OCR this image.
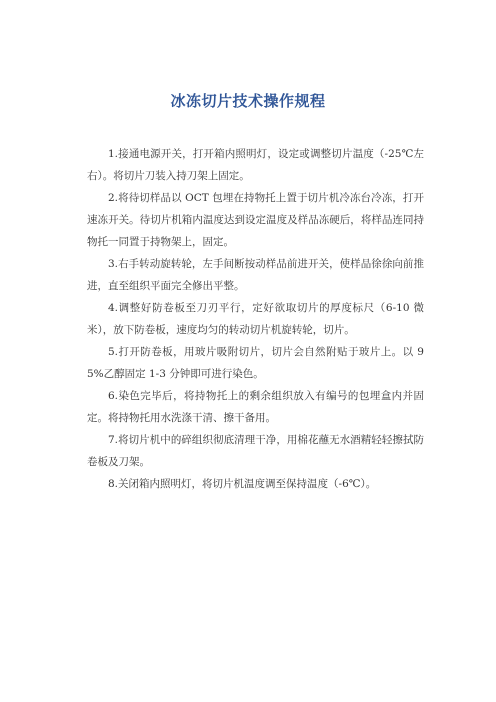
冰冻切片技术操作规程

1.接通电源开关，打开箱内照明灯，设定或调整切片温度（-25℃左右）。将切片刀装入持刀架上固定。

2.将待切样品以 OCT 包埋在持物托上置于切片机冷冻台冷冻，打开速冻开关。待切片机箱内温度达到设定温度及样品冻硬后，将样品连同持物托一同置于持物架上，固定。

3.右手转动旋转轮，左手间断按动样品前进开关，使样品徐徐向前推进，直至组织平面完全修出平整。

4.调整好防卷板至刀刃平行，定好欲取切片的厚度标尺（6-10 微米），放下防卷板，速度均匀的转动切片机旋转轮，切片。

5.打开防卷板，用玻片吸附切片，切片会自然附贴于玻片上。以 95%乙醇固定 1-3 分钟即可进行染色。

6.染色完毕后，将持物托上的剩余组织放入有编号的包埋盒内并固定。将持物托用水洗涤干清、擦干备用。

7.将切片机中的碎组织彻底清理干净，用棉花蘸无水酒精轻轻擦拭防卷板及刀架。

8.关闭箱内照明灯，将切片机温度调至保持温度（-6℃）。
